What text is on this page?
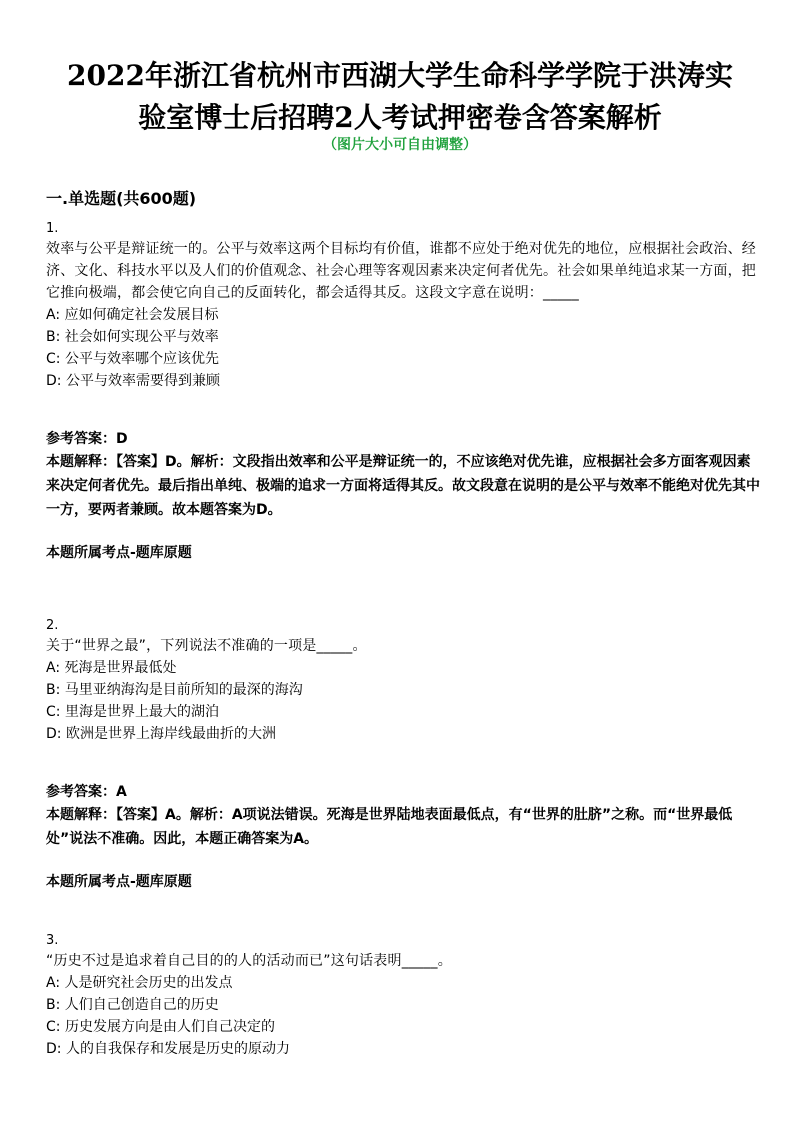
2022年浙江省杭州市西湖大学生命科学学院于洪涛实
验室博士后招聘2人考试押密卷含答案解析
（图片大小可自由调整）
一.单选题(共600题)
1.
效率与公平是辩证统一的。公平与效率这两个目标均有价值，谁都不应处于绝对优先的地位，应根据社会政治、经济、文化、科技水平以及人们的价值观念、社会心理等客观因素来决定何者优先。社会如果单纯追求某一方面，把它推向极端，都会使它向自己的反面转化，都会适得其反。这段文字意在说明：_____
A: 应如何确定社会发展目标
B: 社会如何实现公平与效率
C: 公平与效率哪个应该优先
D: 公平与效率需要得到兼顾
参考答案：D
本题解释：【答案】D。解析：文段指出效率和公平是辩证统一的，不应该绝对优先谁，应根据社会多方面客观因素来决定何者优先。最后指出单纯、极端的追求一方面将适得其反。故文段意在说明的是公平与效率不能绝对优先其中一方，要两者兼顾。故本题答案为D。
本题所属考点-题库原题
2.
关于“世界之最”，下列说法不准确的一项是_____。
A: 死海是世界最低处
B: 马里亚纳海沟是目前所知的最深的海沟
C: 里海是世界上最大的湖泊
D: 欧洲是世界上海岸线最曲折的大洲
参考答案：A
本题解释：【答案】A。解析：A项说法错误。死海是世界陆地表面最低点，有“世界的肚脐”之称。而“世界最低处”说法不准确。因此，本题正确答案为A。
本题所属考点-题库原题
3.
“历史不过是追求着自己目的的人的活动而已”这句话表明_____。
A: 人是研究社会历史的出发点
B: 人们自己创造自己的历史
C: 历史发展方向是由人们自己决定的
D: 人的自我保存和发展是历史的原动力
